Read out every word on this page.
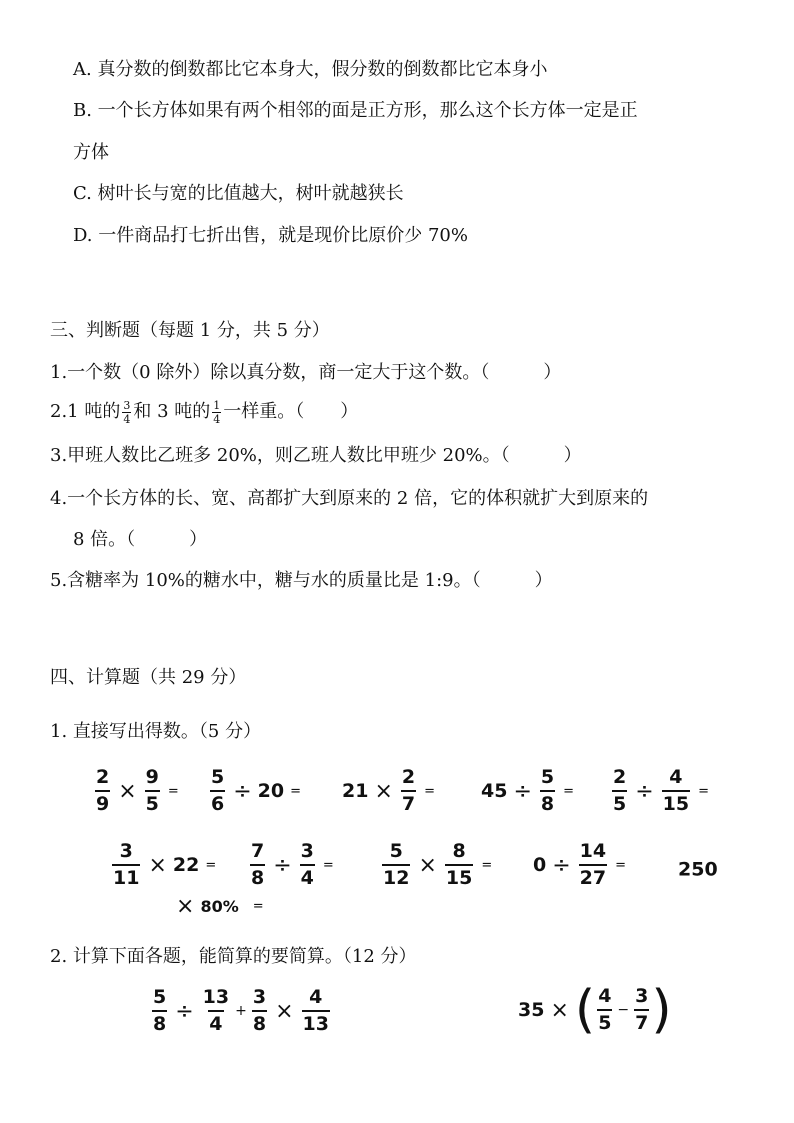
A. 真分数的倒数都比它本身大，假分数的倒数都比它本身小
B. 一个长方体如果有两个相邻的面是正方形，那么这个长方体一定是正
方体
C. 树叶长与宽的比值越大，树叶就越狭长
D. 一件商品打七折出售，就是现价比原价少 70%
三、判断题（每题 1 分，共 5 分）
1.一个数（0 除外）除以真分数，商一定大于这个数。（　　　）
2.1 吨的 $\frac{3}{4}$ 和 3 吨的 $\frac{1}{4}$ 一样重。（　　）
3.甲班人数比乙班多 20%，则乙班人数比甲班少 20%。（　　　）
4.一个长方体的长、宽、高都扩大到原来的 2 倍，它的体积就扩大到原来的
8 倍。（　　　）
5.含糖率为 10%的糖水中，糖与水的质量比是 1:9。（　　　）
四、计算题（共 29 分）
1. 直接写出得数。（5 分）
$\frac{2}{9} \times \frac{9}{5} = \frac{5}{6} \div 20 = 21 \times \frac{2}{7} = 45 \div \frac{5}{8} = \frac{2}{5} \div \frac{4}{15}$ =
$\frac{3}{11} \times 22 = \frac{7}{8} \div \frac{3}{4}$ =	$\frac{5}{12} \times \frac{8}{15} = 0 \div \frac{14}{27}$ =	250
× 80% =
2. 计算下面各题，能简算的要简算。（12 分）
$\frac{5}{8} \div \frac{13}{4} + \frac{3}{8} \times \frac{4}{13}$	35 × ( $\frac{4}{5} - \frac{3}{7}$ )
